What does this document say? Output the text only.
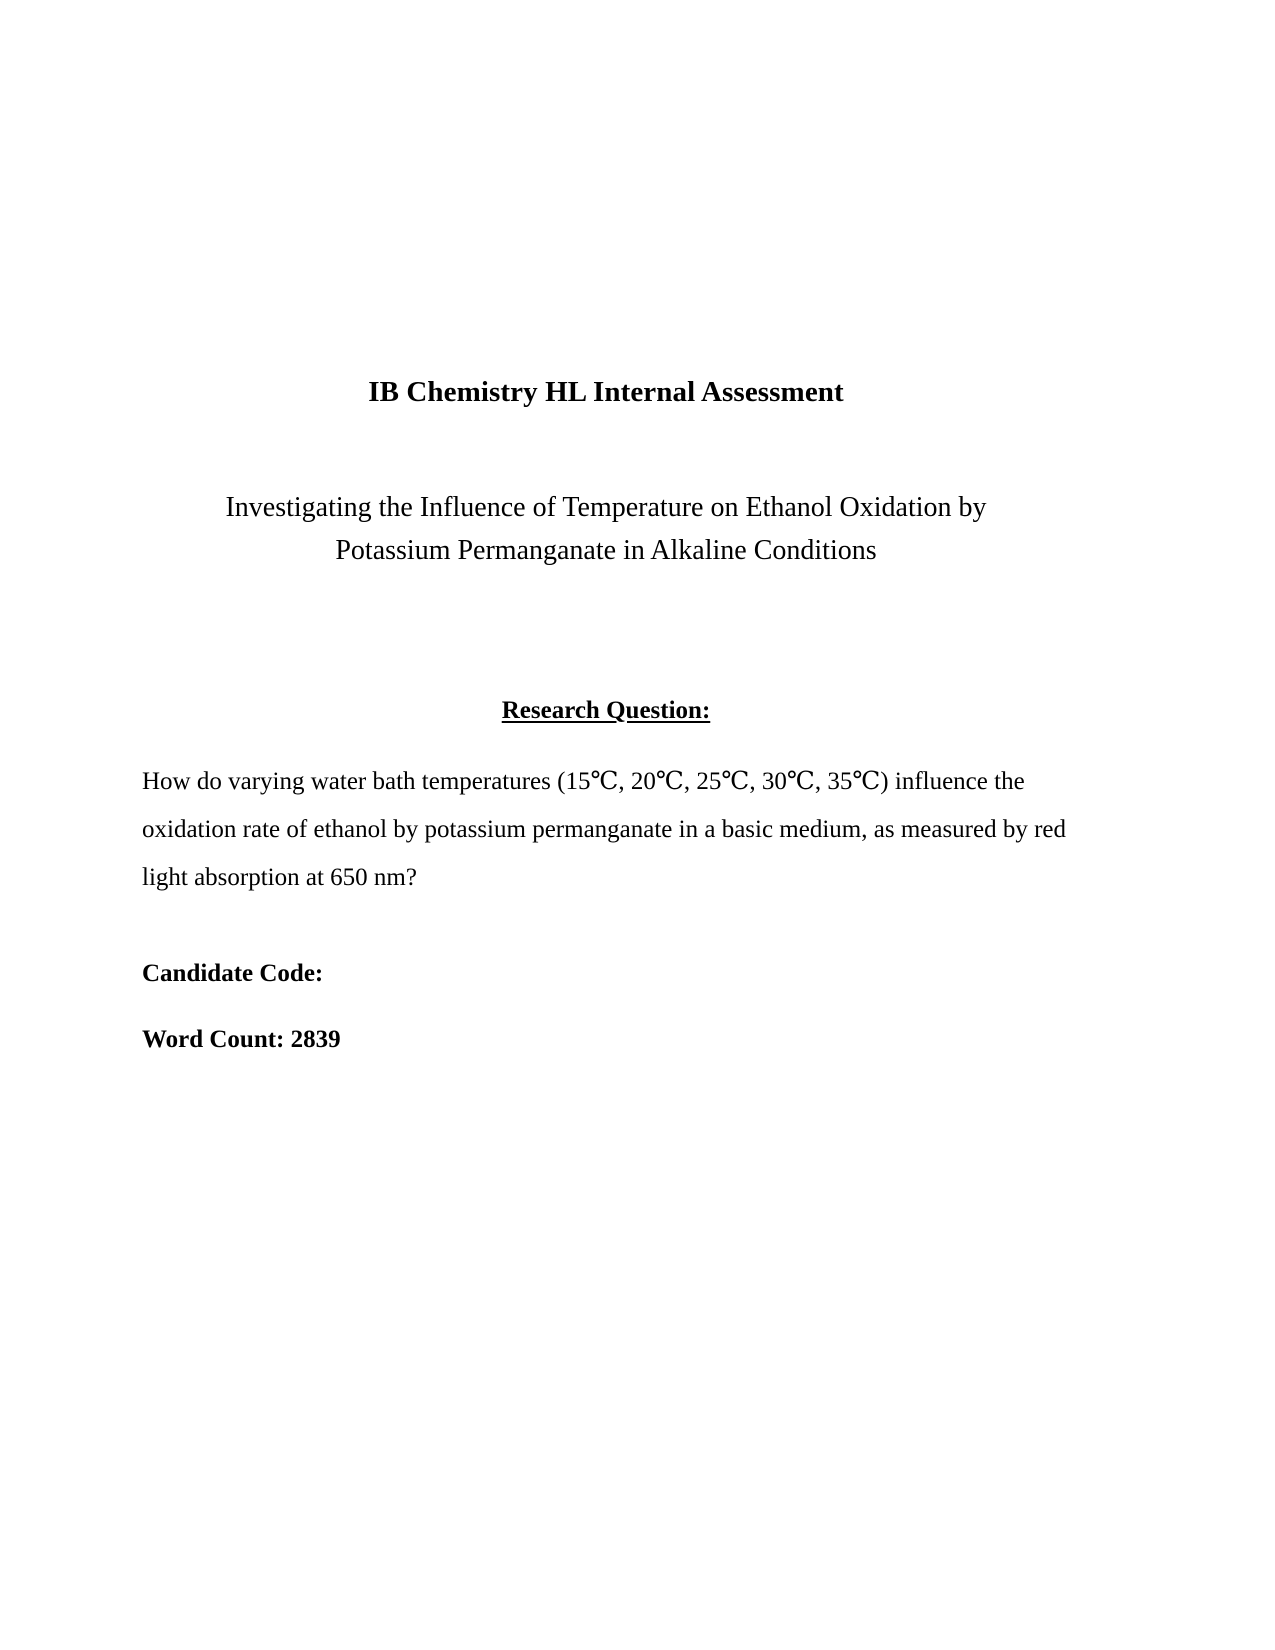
IB Chemistry HL Internal Assessment
Investigating the Influence of Temperature on Ethanol Oxidation by
Potassium Permanganate in Alkaline Conditions
Research Question:
How do varying water bath temperatures (15℃, 20℃, 25℃, 30℃, 35℃) influence the oxidation rate of ethanol by potassium permanganate in a basic medium, as measured by red light absorption at 650 nm?
Candidate Code:
Word Count: 2839
